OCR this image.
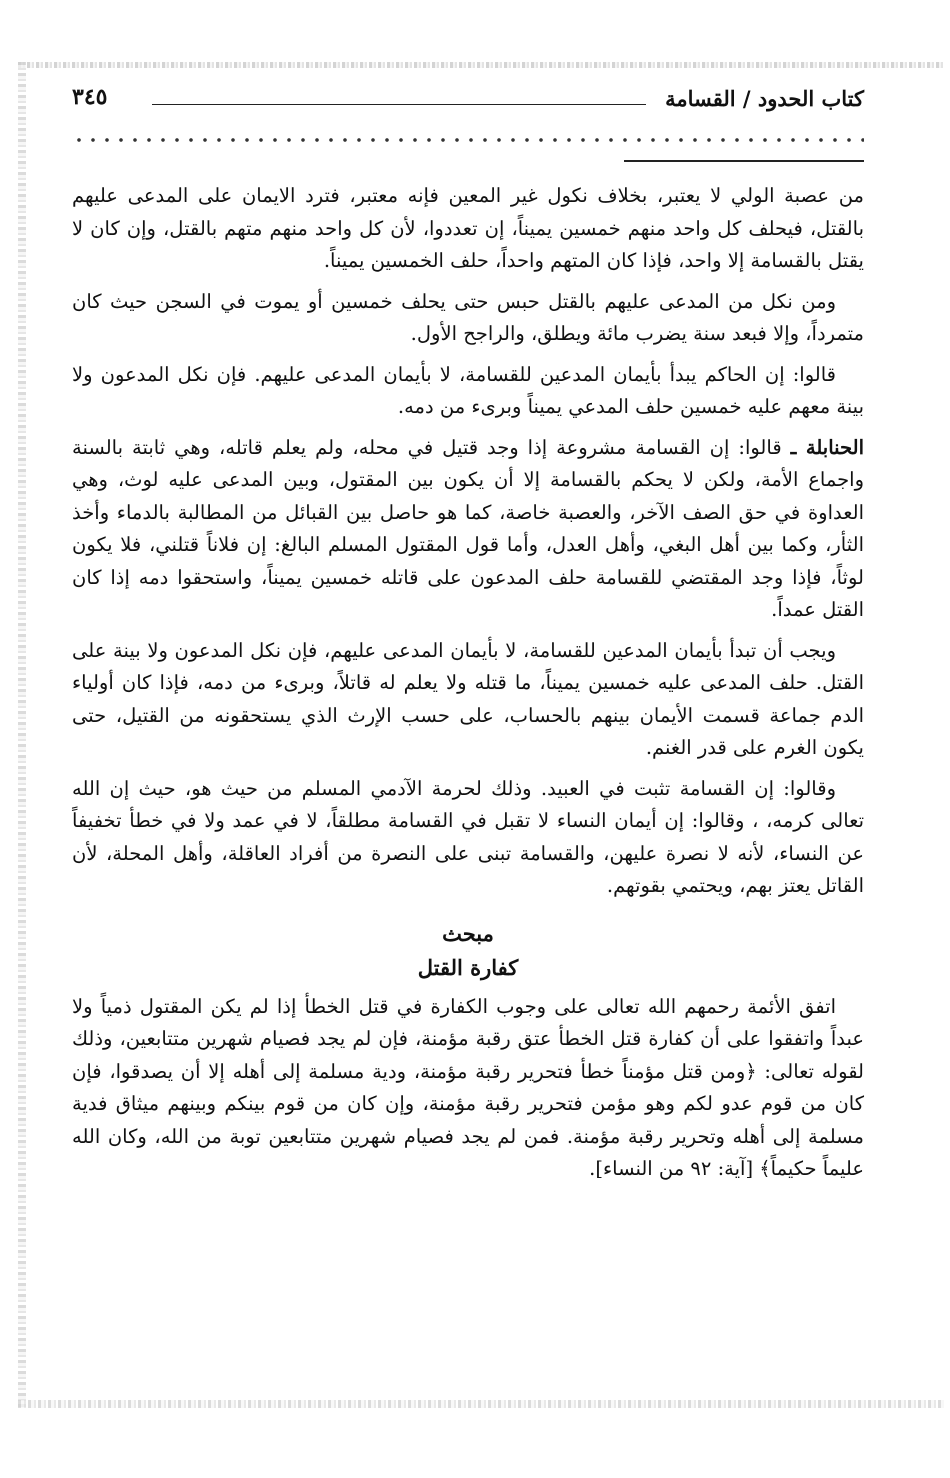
كتاب الحدود / القسامة
٣٤٥

من عصبة الولي لا يعتبر، بخلاف نكول غير المعين فإنه معتبر، فترد الايمان على المدعى عليهم بالقتل، فيحلف كل واحد منهم خمسين يميناً، إن تعددوا، لأن كل واحد منهم متهم بالقتل، وإن كان لا يقتل بالقسامة إلا واحد، فإذا كان المتهم واحداً، حلف الخمسين يميناً.

ومن نكل من المدعى عليهم بالقتل حبس حتى يحلف خمسين أو يموت في السجن حيث كان متمرداً، وإلا فبعد سنة يضرب مائة ويطلق، والراجح الأول.

قالوا: إن الحاكم يبدأ بأيمان المدعين للقسامة، لا بأيمان المدعى عليهم. فإن نكل المدعون ولا بينة معهم عليه خمسين حلف المدعي يميناً وبرىء من دمه.

الحنابلة ـ قالوا: إن القسامة مشروعة إذا وجد قتيل في محله، ولم يعلم قاتله، وهي ثابتة بالسنة واجماع الأمة، ولكن لا يحكم بالقسامة إلا أن يكون بين المقتول، وبين المدعى عليه لوث، وهي العداوة في حق الصف الآخر، والعصبة خاصة، كما هو حاصل بين القبائل من المطالبة بالدماء وأخذ الثأر، وكما بين أهل البغي، وأهل العدل، وأما قول المقتول المسلم البالغ: إن فلاناً قتلني، فلا يكون لوثاً، فإذا وجد المقتضي للقسامة حلف المدعون على قاتله خمسين يميناً، واستحقوا دمه إذا كان القتل عمداً.

ويجب أن تبدأ بأيمان المدعين للقسامة، لا بأيمان المدعى عليهم، فإن نكل المدعون ولا بينة على القتل. حلف المدعى عليه خمسين يميناً، ما قتله ولا يعلم له قاتلاً، وبرىء من دمه، فإذا كان أولياء الدم جماعة قسمت الأيمان بينهم بالحساب، على حسب الإرث الذي يستحقونه من القتيل، حتى يكون الغرم على قدر الغنم.

وقالوا: إن القسامة تثبت في العبيد. وذلك لحرمة الآدمي المسلم من حيث هو، حيث إن الله تعالى كرمه، ، وقالوا: إن أيمان النساء لا تقبل في القسامة مطلقاً، لا في عمد ولا في خطأ تخفيفاً عن النساء، لأنه لا نصرة عليهن، والقسامة تبنى على النصرة من أفراد العاقلة، وأهل المحلة، لأن القاتل يعتز بهم، ويحتمي بقوتهم.

مبحث
كفارة القتل

اتفق الأئمة رحمهم الله تعالى على وجوب الكفارة في قتل الخطأ إذا لم يكن المقتول ذمياً ولا عبداً واتفقوا على أن كفارة قتل الخطأ عتق رقبة مؤمنة، فإن لم يجد فصيام شهرين متتابعين، وذلك لقوله تعالى: ﴿ومن قتل مؤمناً خطأ فتحرير رقبة مؤمنة، ودية مسلمة إلى أهله إلا أن يصدقوا، فإن كان من قوم عدو لكم وهو مؤمن فتحرير رقبة مؤمنة، وإن كان من قوم بينكم وبينهم ميثاق فدية مسلمة إلى أهله وتحرير رقبة مؤمنة. فمن لم يجد فصيام شهرين متتابعين توبة من الله، وكان الله عليماً حكيماً﴾ [آية: ٩٢ من النساء].
